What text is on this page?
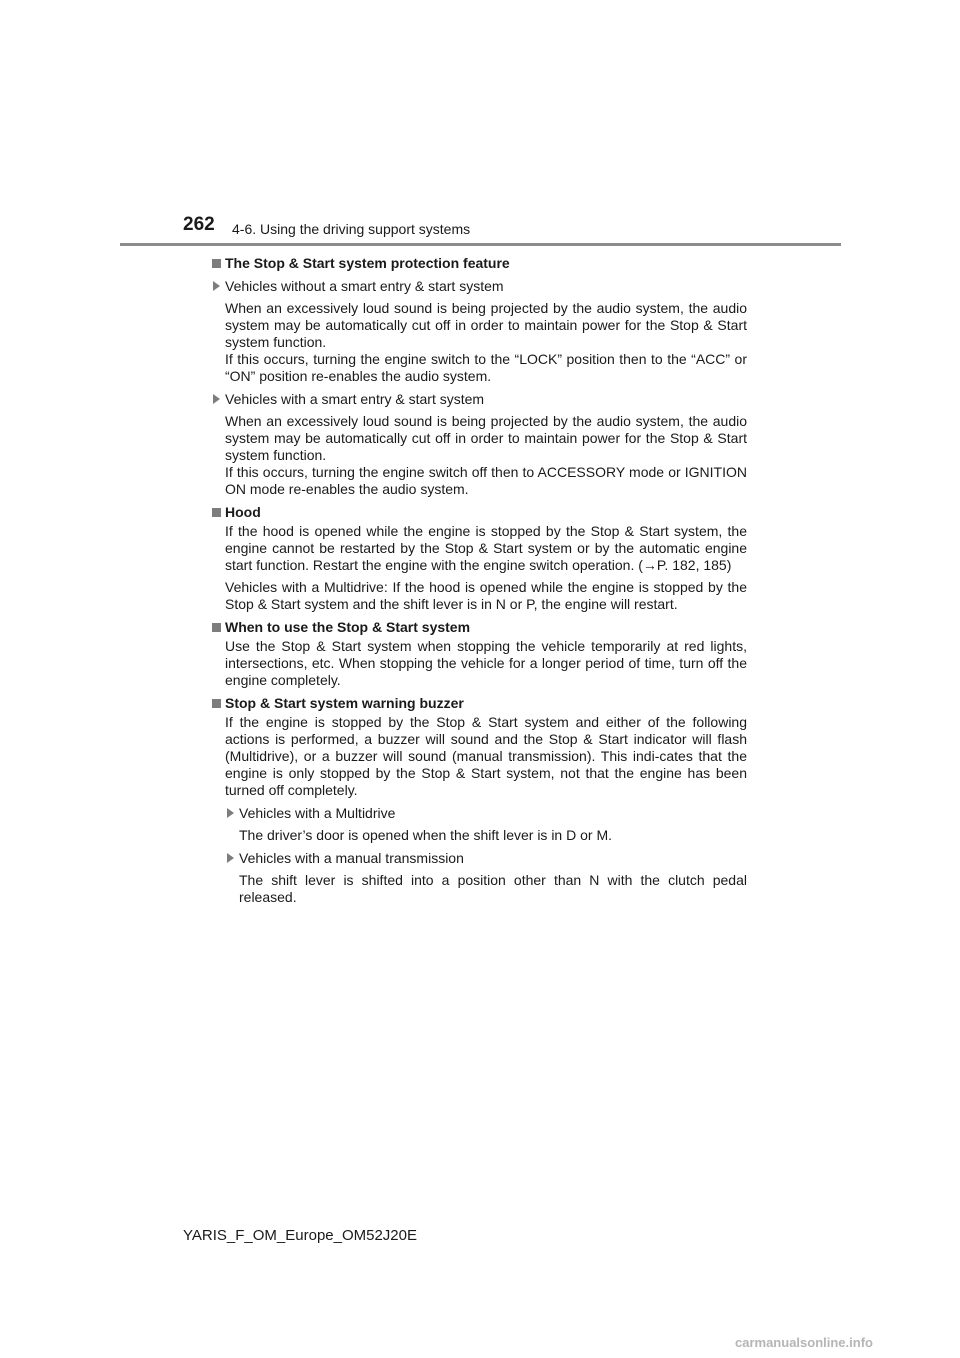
262 4-6. Using the driving support systems
The Stop & Start system protection feature
Vehicles without a smart entry & start system
When an excessively loud sound is being projected by the audio system, the audio system may be automatically cut off in order to maintain power for the Stop & Start system function.
If this occurs, turning the engine switch to the “LOCK” position then to the “ACC” or “ON” position re-enables the audio system.
Vehicles with a smart entry & start system
When an excessively loud sound is being projected by the audio system, the audio system may be automatically cut off in order to maintain power for the Stop & Start system function.
If this occurs, turning the engine switch off then to ACCESSORY mode or IGNITION ON mode re-enables the audio system.
Hood
If the hood is opened while the engine is stopped by the Stop & Start system, the engine cannot be restarted by the Stop & Start system or by the automatic engine start function. Restart the engine with the engine switch operation. (→P. 182, 185)
Vehicles with a Multidrive: If the hood is opened while the engine is stopped by the Stop & Start system and the shift lever is in N or P, the engine will restart.
When to use the Stop & Start system
Use the Stop & Start system when stopping the vehicle temporarily at red lights, intersections, etc. When stopping the vehicle for a longer period of time, turn off the engine completely.
Stop & Start system warning buzzer
If the engine is stopped by the Stop & Start system and either of the following actions is performed, a buzzer will sound and the Stop & Start indicator will flash (Multidrive), or a buzzer will sound (manual transmission). This indi-cates that the engine is only stopped by the Stop & Start system, not that the engine has been turned off completely.
Vehicles with a Multidrive
The driver’s door is opened when the shift lever is in D or M.
Vehicles with a manual transmission
The shift lever is shifted into a position other than N with the clutch pedal released.
YARIS_F_OM_Europe_OM52J20E
carmanualsonline.info
